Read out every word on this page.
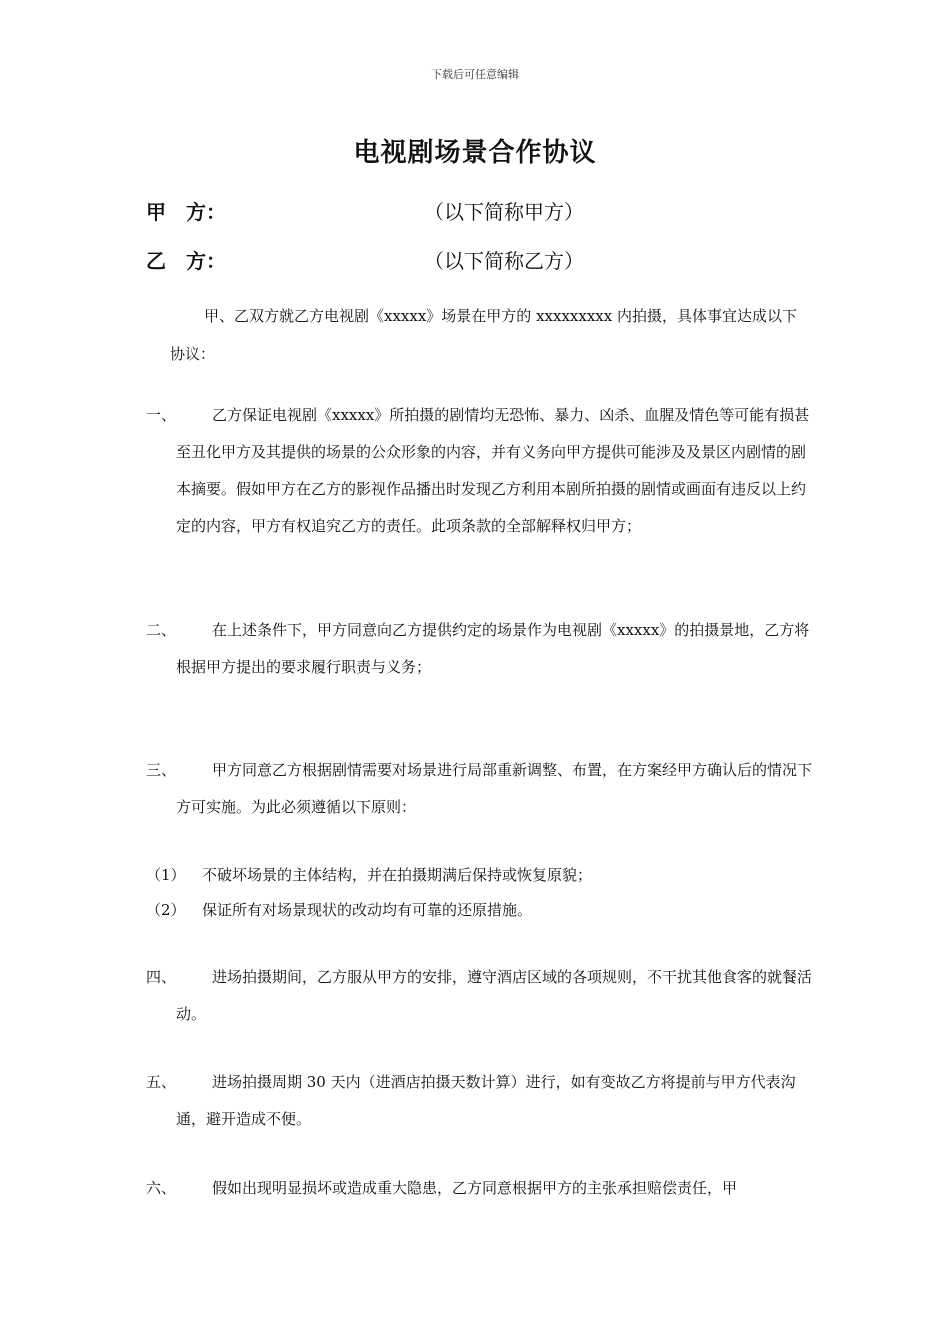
下载后可任意编辑
电视剧场景合作协议
甲　方：	（以下简称甲方）
乙　方：	（以下简称乙方）
甲、乙双方就乙方电视剧《xxxxx》场景在甲方的 xxxxxxxxx 内拍摄，具体事宜达成以下协议：
一、	乙方保证电视剧《xxxxx》所拍摄的剧情均无恐怖、暴力、凶杀、血腥及情色等可能有损甚至丑化甲方及其提供的场景的公众形象的内容，并有义务向甲方提供可能涉及及景区内剧情的剧本摘要。假如甲方在乙方的影视作品播出时发现乙方利用本剧所拍摄的剧情或画面有违反以上约定的内容，甲方有权追究乙方的责任。此项条款的全部解释权归甲方；
二、	在上述条件下，甲方同意向乙方提供约定的场景作为电视剧《xxxxx》的拍摄景地，乙方将根据甲方提出的要求履行职责与义务；
三、	甲方同意乙方根据剧情需要对场景进行局部重新调整、布置，在方案经甲方确认后的情况下方可实施。为此必须遵循以下原则：
（1） 不破坏场景的主体结构，并在拍摄期满后保持或恢复原貌；
（2） 保证所有对场景现状的改动均有可靠的还原措施。
四、	进场拍摄期间，乙方服从甲方的安排，遵守酒店区域的各项规则，不干扰其他食客的就餐活动。
五、	进场拍摄周期 30 天内（进酒店拍摄天数计算）进行，如有变故乙方将提前与甲方代表沟通，避开造成不便。
六、	假如出现明显损坏或造成重大隐患，乙方同意根据甲方的主张承担赔偿责任，甲
